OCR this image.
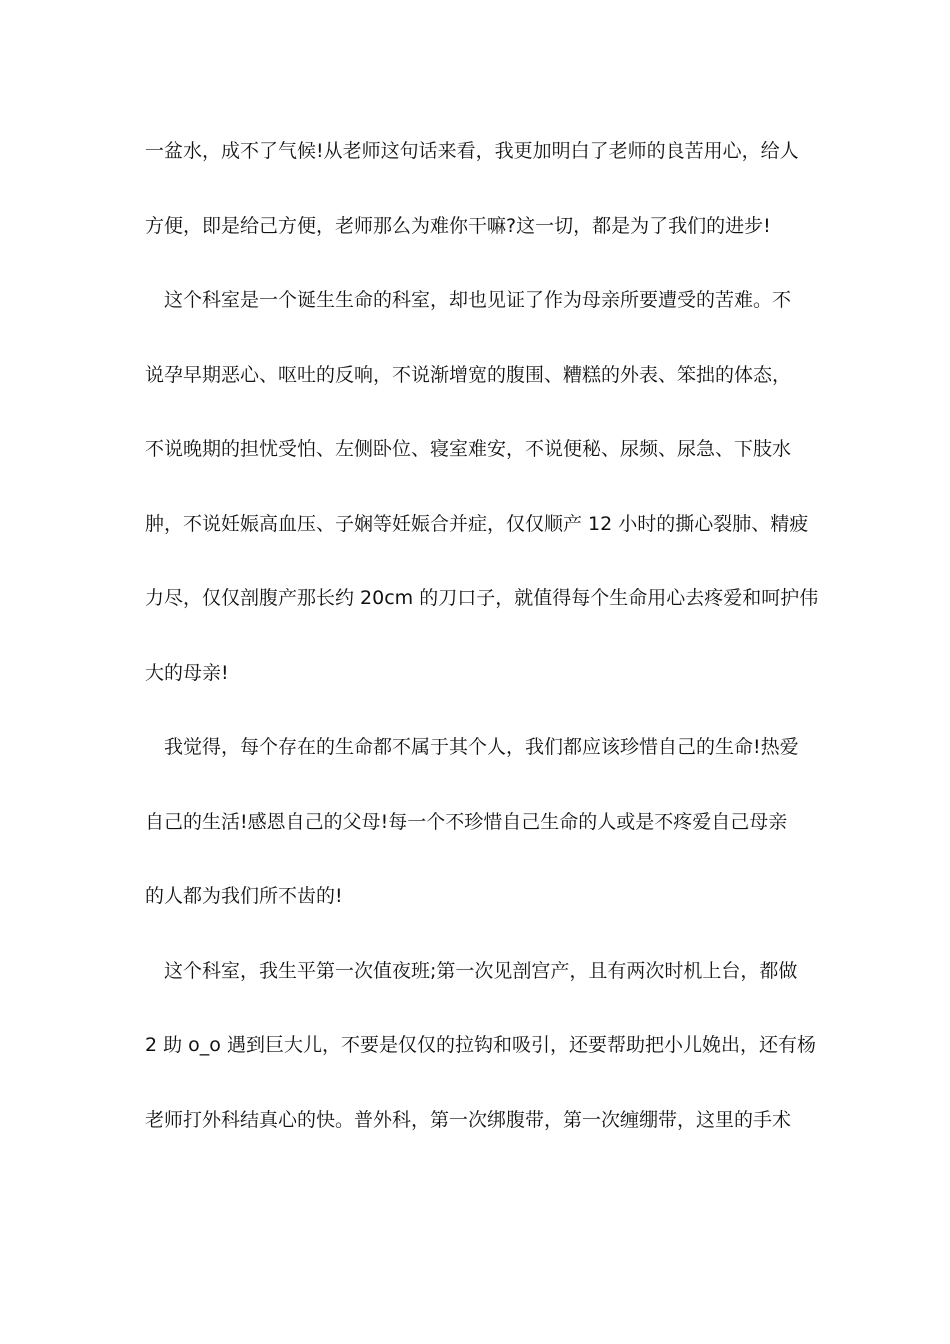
一盆水，成不了气候!从老师这句话来看，我更加明白了老师的良苦用心，给人
方便，即是给己方便，老师那么为难你干嘛?这一切，都是为了我们的进步!
这个科室是一个诞生生命的科室，却也见证了作为母亲所要遭受的苦难。不
说孕早期恶心、呕吐的反响，不说渐增宽的腹围、糟糕的外表、笨拙的体态，
不说晚期的担忧受怕、左侧卧位、寝室难安，不说便秘、尿频、尿急、下肢水
肿，不说妊娠高血压、子娴等妊娠合并症，仅仅顺产 12 小时的撕心裂肺、精疲
力尽，仅仅剖腹产那长约 20cm 的刀口子，就值得每个生命用心去疼爱和呵护伟
大的母亲!
我觉得，每个存在的生命都不属于其个人，我们都应该珍惜自己的生命!热爱
自己的生活!感恩自己的父母!每一个不珍惜自己生命的人或是不疼爱自己母亲
的人都为我们所不齿的!
这个科室，我生平第一次值夜班;第一次见剖宫产，且有两次时机上台，都做
2 助 o_o 遇到巨大儿，不要是仅仅的拉钩和吸引，还要帮助把小儿娩出，还有杨
老师打外科结真心的快。普外科，第一次绑腹带，第一次缠绷带，这里的手术
